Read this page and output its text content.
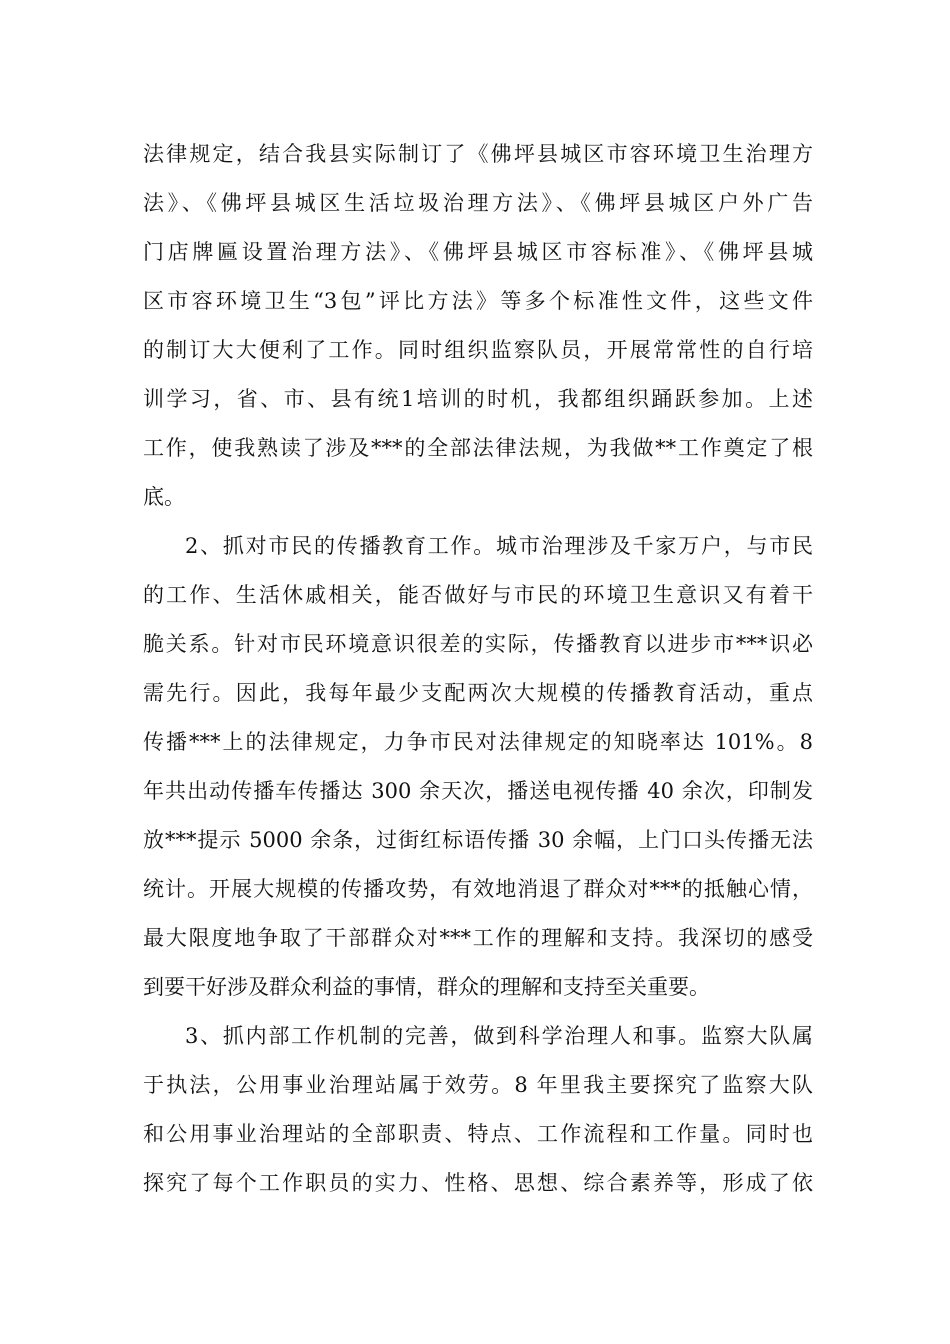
法律规定，结合我县实际制订了《佛坪县城区市容环境卫生治理方
法》、《佛坪县城区生活垃圾治理方法》、《佛坪县城区户外广告
门店牌匾设置治理方法》、《佛坪县城区市容标准》、《佛坪县城
区市容环境卫生“3包”评比方法》等多个标准性文件，这些文件
的制订大大便利了工作。同时组织监察队员，开展常常性的自行培
训学习，省、市、县有统1培训的时机，我都组织踊跃参加。上述
工作，使我熟读了涉及***的全部法律法规，为我做**工作奠定了根
底。
2、抓对市民的传播教育工作。城市治理涉及千家万户，与市民
的工作、生活休戚相关，能否做好与市民的环境卫生意识又有着干
脆关系。针对市民环境意识很差的实际，传播教育以进步市***识必
需先行。因此，我每年最少支配两次大规模的传播教育活动，重点
传播***上的法律规定，力争市民对法律规定的知晓率达 101%。8
年共出动传播车传播达 300 余天次，播送电视传播 40 余次，印制发
放***提示 5000 余条，过街红标语传播 30 余幅，上门口头传播无法
统计。开展大规模的传播攻势，有效地消退了群众对***的抵触心情，
最大限度地争取了干部群众对***工作的理解和支持。我深切的感受
到要干好涉及群众利益的事情，群众的理解和支持至关重要。
3、抓内部工作机制的完善，做到科学治理人和事。监察大队属
于执法，公用事业治理站属于效劳。8 年里我主要探究了监察大队
和公用事业治理站的全部职责、特点、工作流程和工作量。同时也
探究了每个工作职员的实力、性格、思想、综合素养等，形成了依
